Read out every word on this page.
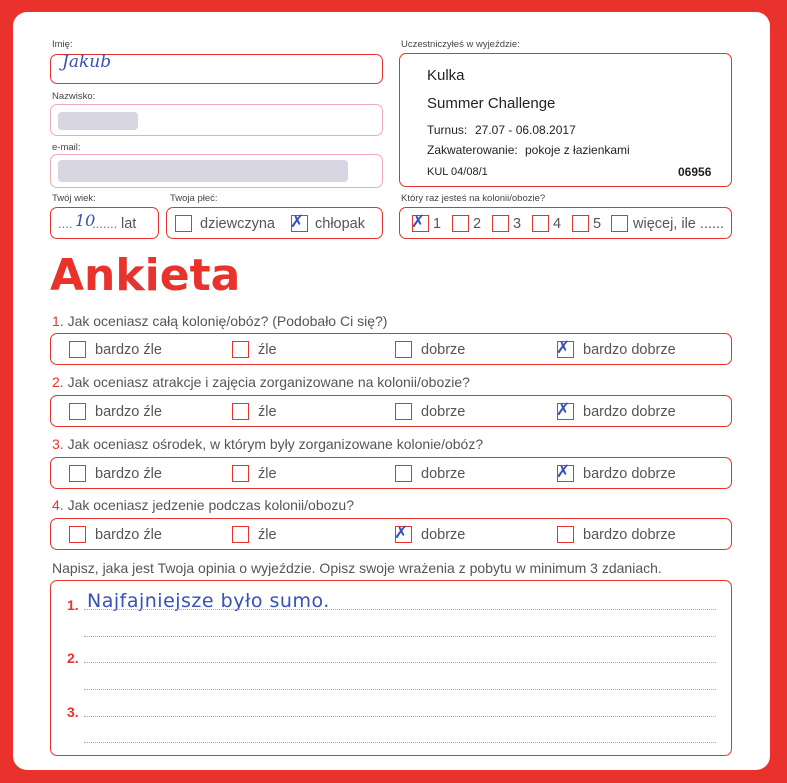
Imię:
Jakub
Nazwisko:
e-mail:
Twój wiek:
.... 10
....... lat
Twoja płeć:
dziewczyna ✗ chłopak
Uczestniczyłeś w wyjeździe:
Kulka
Summer Challenge
Turnus: 27.07 - 06.08.2017
Zakwaterowanie: pokoje z łazienkami
KUL 04/08/1	06956
Który raz jesteś na kolonii/obozie?
✗ 1 2 3 4 5 więcej, ile ......
Ankieta
1. Jak oceniasz całą kolonię/obóz? (Podobało Ci się?)
2. Jak oceniasz atrakcje i zajęcia zorganizowane na kolonii/obozie?
3. Jak oceniasz ośrodek, w którym były zorganizowane kolonie/obóz?
4. Jak oceniasz jedzenie podczas kolonii/obozu?
bardzo źle	źle	dobrze	✗ bardzo dobrze
bardzo źle	źle	dobrze	✗ bardzo dobrze
bardzo źle	źle	dobrze	✗ bardzo dobrze
bardzo źle	źle	✗ dobrze	bardzo dobrze
Napisz, jaka jest Twoja opinia o wyjeździe. Opisz swoje wrażenia z pobytu w minimum 3 zdaniach.
1. Najfajniejsze było sumo.
2.
3.
